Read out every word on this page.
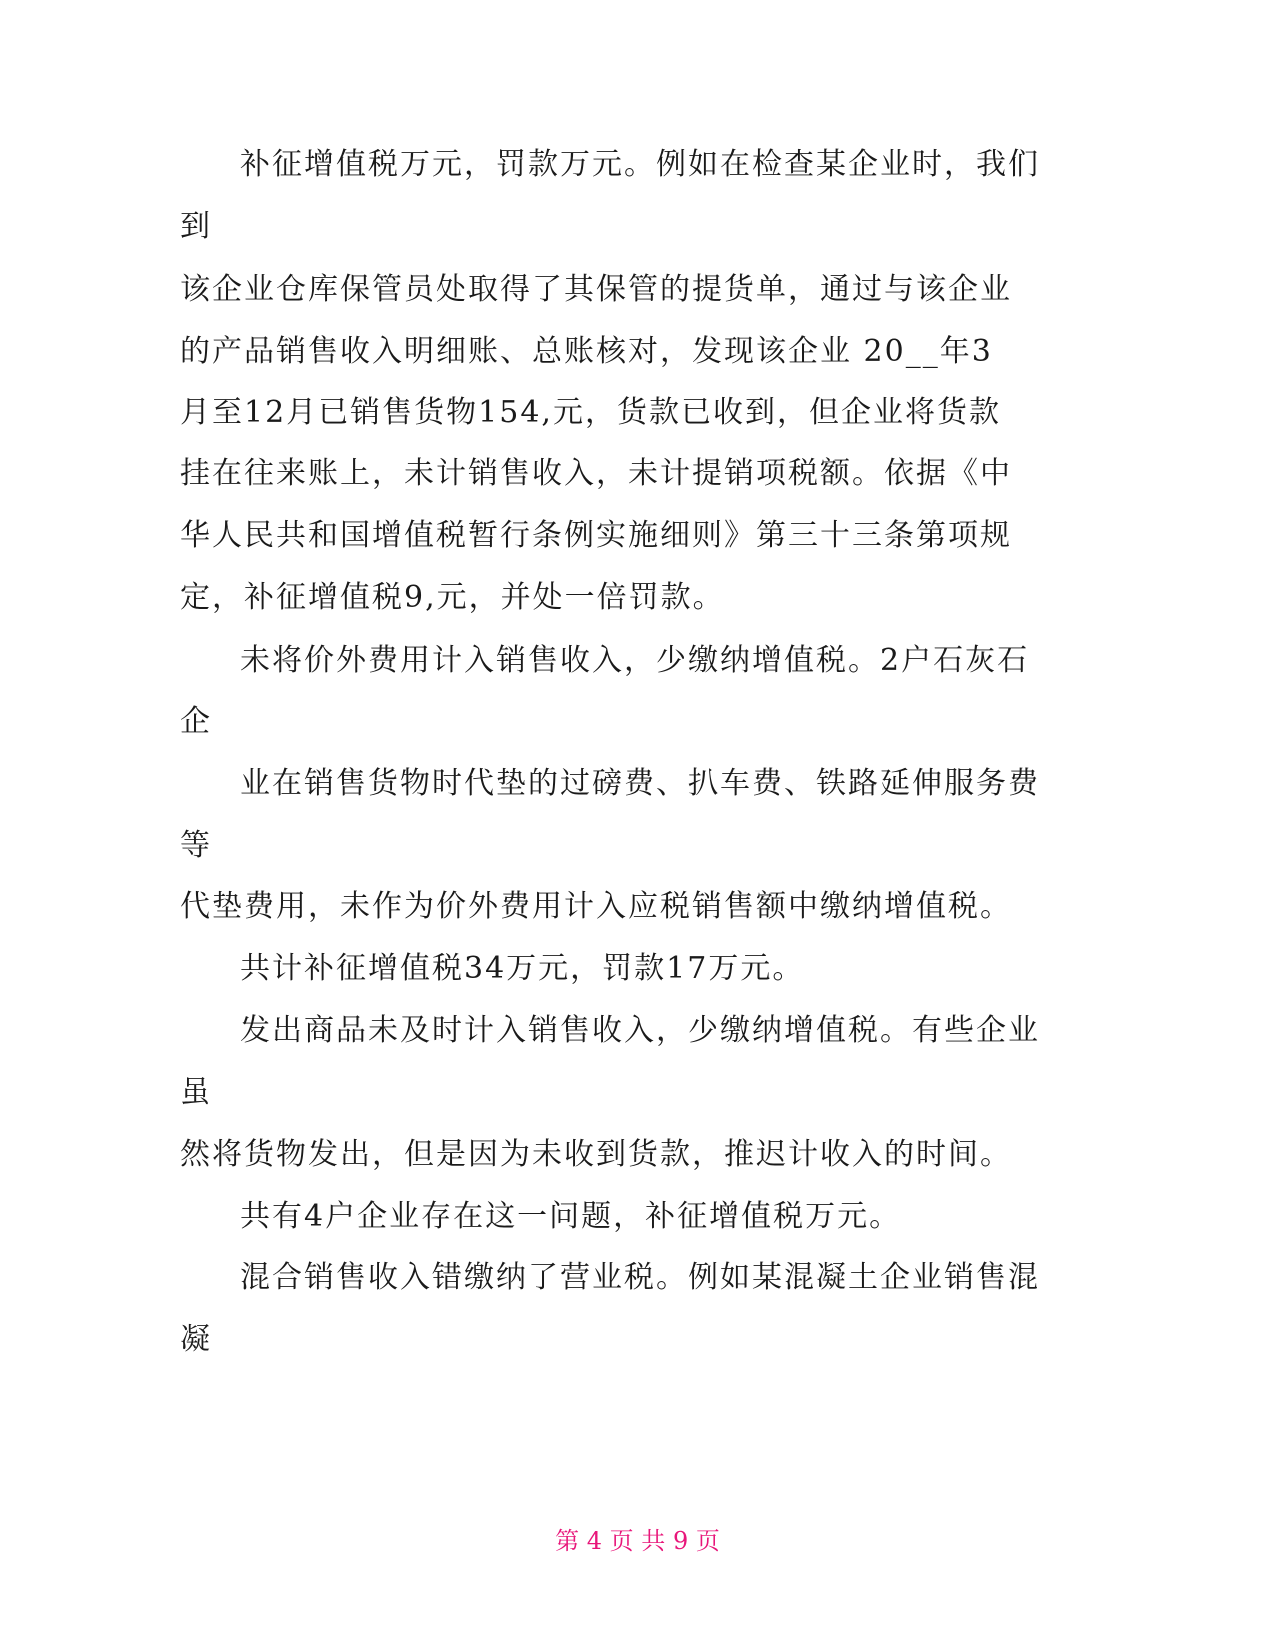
补征增值税万元，罚款万元。例如在检查某企业时，我们
到
该企业仓库保管员处取得了其保管的提货单，通过与该企业
的产品销售收入明细账、总账核对，发现该企业 20__年3
月至12月已销售货物154,元，货款已收到，但企业将货款
挂在往来账上，未计销售收入，未计提销项税额。依据《中
华人民共和国增值税暂行条例实施细则》第三十三条第项规
定，补征增值税9,元，并处一倍罚款。
未将价外费用计入销售收入，少缴纳增值税。2户石灰石
企
业在销售货物时代垫的过磅费、扒车费、铁路延伸服务费
等
代垫费用，未作为价外费用计入应税销售额中缴纳增值税。
共计补征增值税34万元，罚款17万元。
发出商品未及时计入销售收入，少缴纳增值税。有些企业
虽
然将货物发出，但是因为未收到货款，推迟计收入的时间。
共有4户企业存在这一问题，补征增值税万元。
混合销售收入错缴纳了营业税。例如某混凝土企业销售混
凝
第 4 页 共 9 页
